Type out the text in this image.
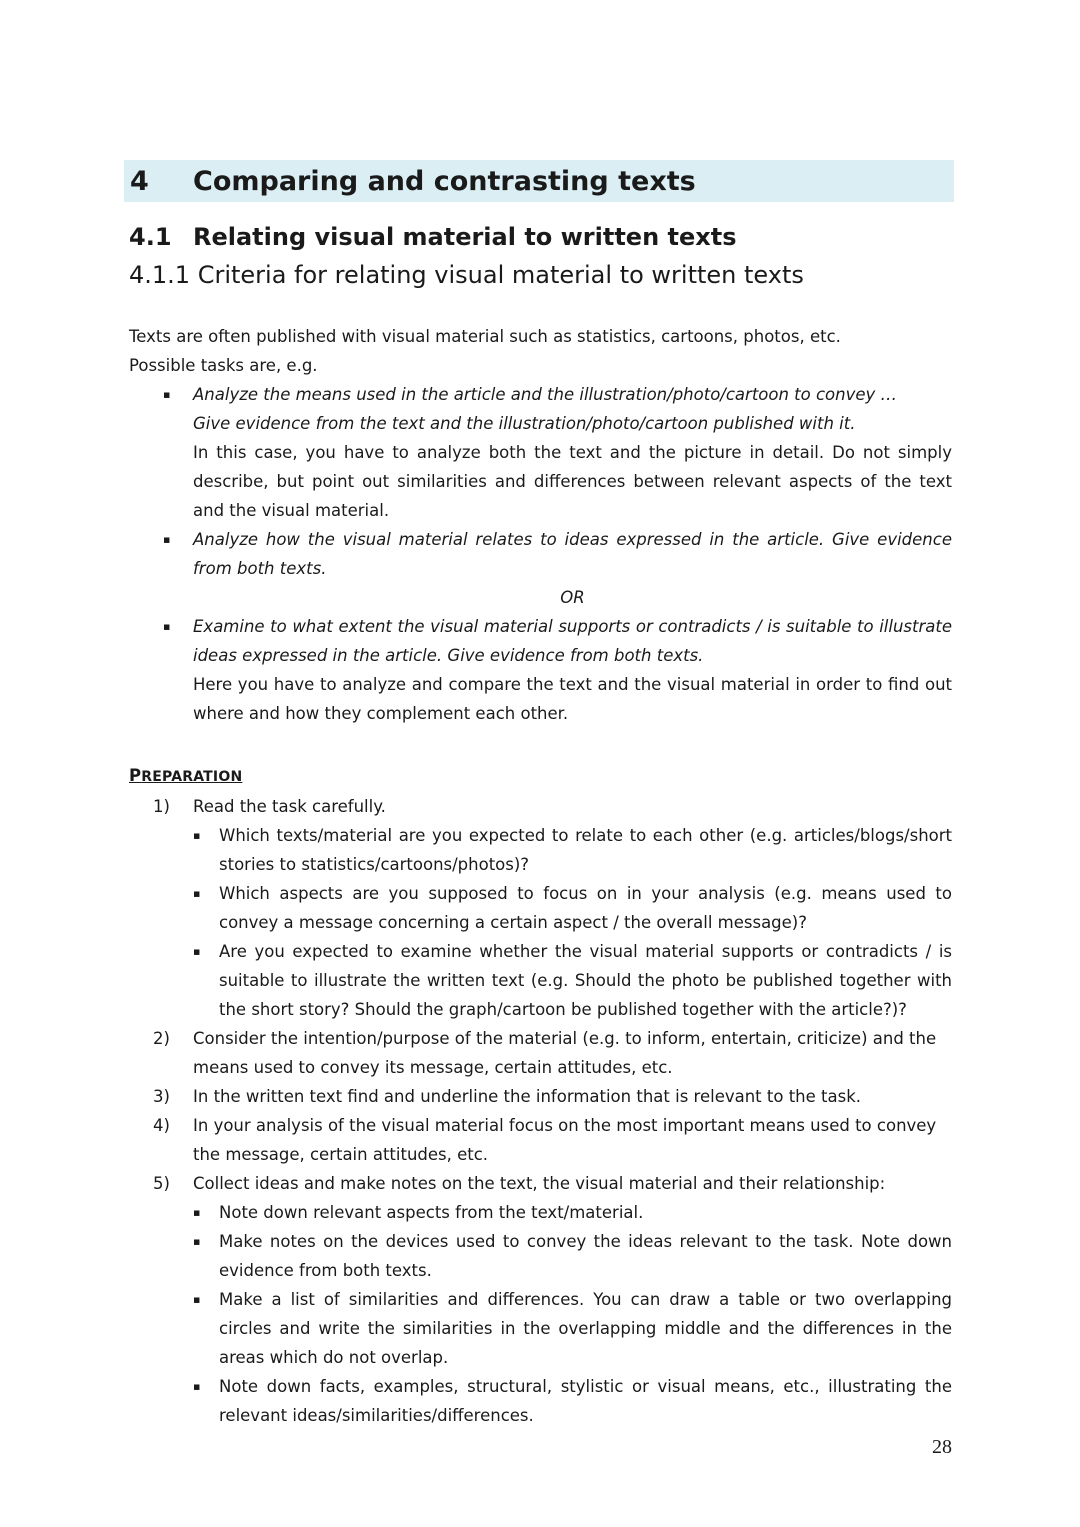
4 Comparing and contrasting texts
4.1 Relating visual material to written texts
4.1.1 Criteria for relating visual material to written texts

Texts are often published with visual material such as statistics, cartoons, photos, etc.

Possible tasks are, e.g.

▪ Analyze the means used in the article and the illustration/photo/cartoon to convey …
Give evidence from the text and the illustration/photo/cartoon published with it.
In this case, you have to analyze both the text and the picture in detail. Do not simply describe, but point out similarities and differences between relevant aspects of the text and the visual material.
▪ Analyze how the visual material relates to ideas expressed in the article. Give evidence from both texts.
OR
▪ Examine to what extent the visual material supports or contradicts / is suitable to illustrate ideas expressed in the article. Give evidence from both texts.
Here you have to analyze and compare the text and the visual material in order to find out where and how they complement each other.
PREPARATION
1) Read the task carefully.
▪ Which texts/material are you expected to relate to each other (e.g. articles/blogs/short stories to statistics/cartoons/photos)?
▪ Which aspects are you supposed to focus on in your analysis (e.g. means used to convey a message concerning a certain aspect / the overall message)?
▪ Are you expected to examine whether the visual material supports or contradicts / is suitable to illustrate the written text (e.g. Should the photo be published together with the short story? Should the graph/cartoon be published together with the article?)?
2) Consider the intention/purpose of the material (e.g. to inform, entertain, criticize) and the means used to convey its message, certain attitudes, etc.
3) In the written text find and underline the information that is relevant to the task.
4) In your analysis of the visual material focus on the most important means used to convey the message, certain attitudes, etc.
5) Collect ideas and make notes on the text, the visual material and their relationship:
▪ Note down relevant aspects from the text/material.
▪ Make notes on the devices used to convey the ideas relevant to the task. Note down evidence from both texts.
▪ Make a list of similarities and differences. You can draw a table or two overlapping circles and write the similarities in the overlapping middle and the differences in the areas which do not overlap.
▪ Note down facts, examples, structural, stylistic or visual means, etc., illustrating the relevant ideas/similarities/differences.
28
